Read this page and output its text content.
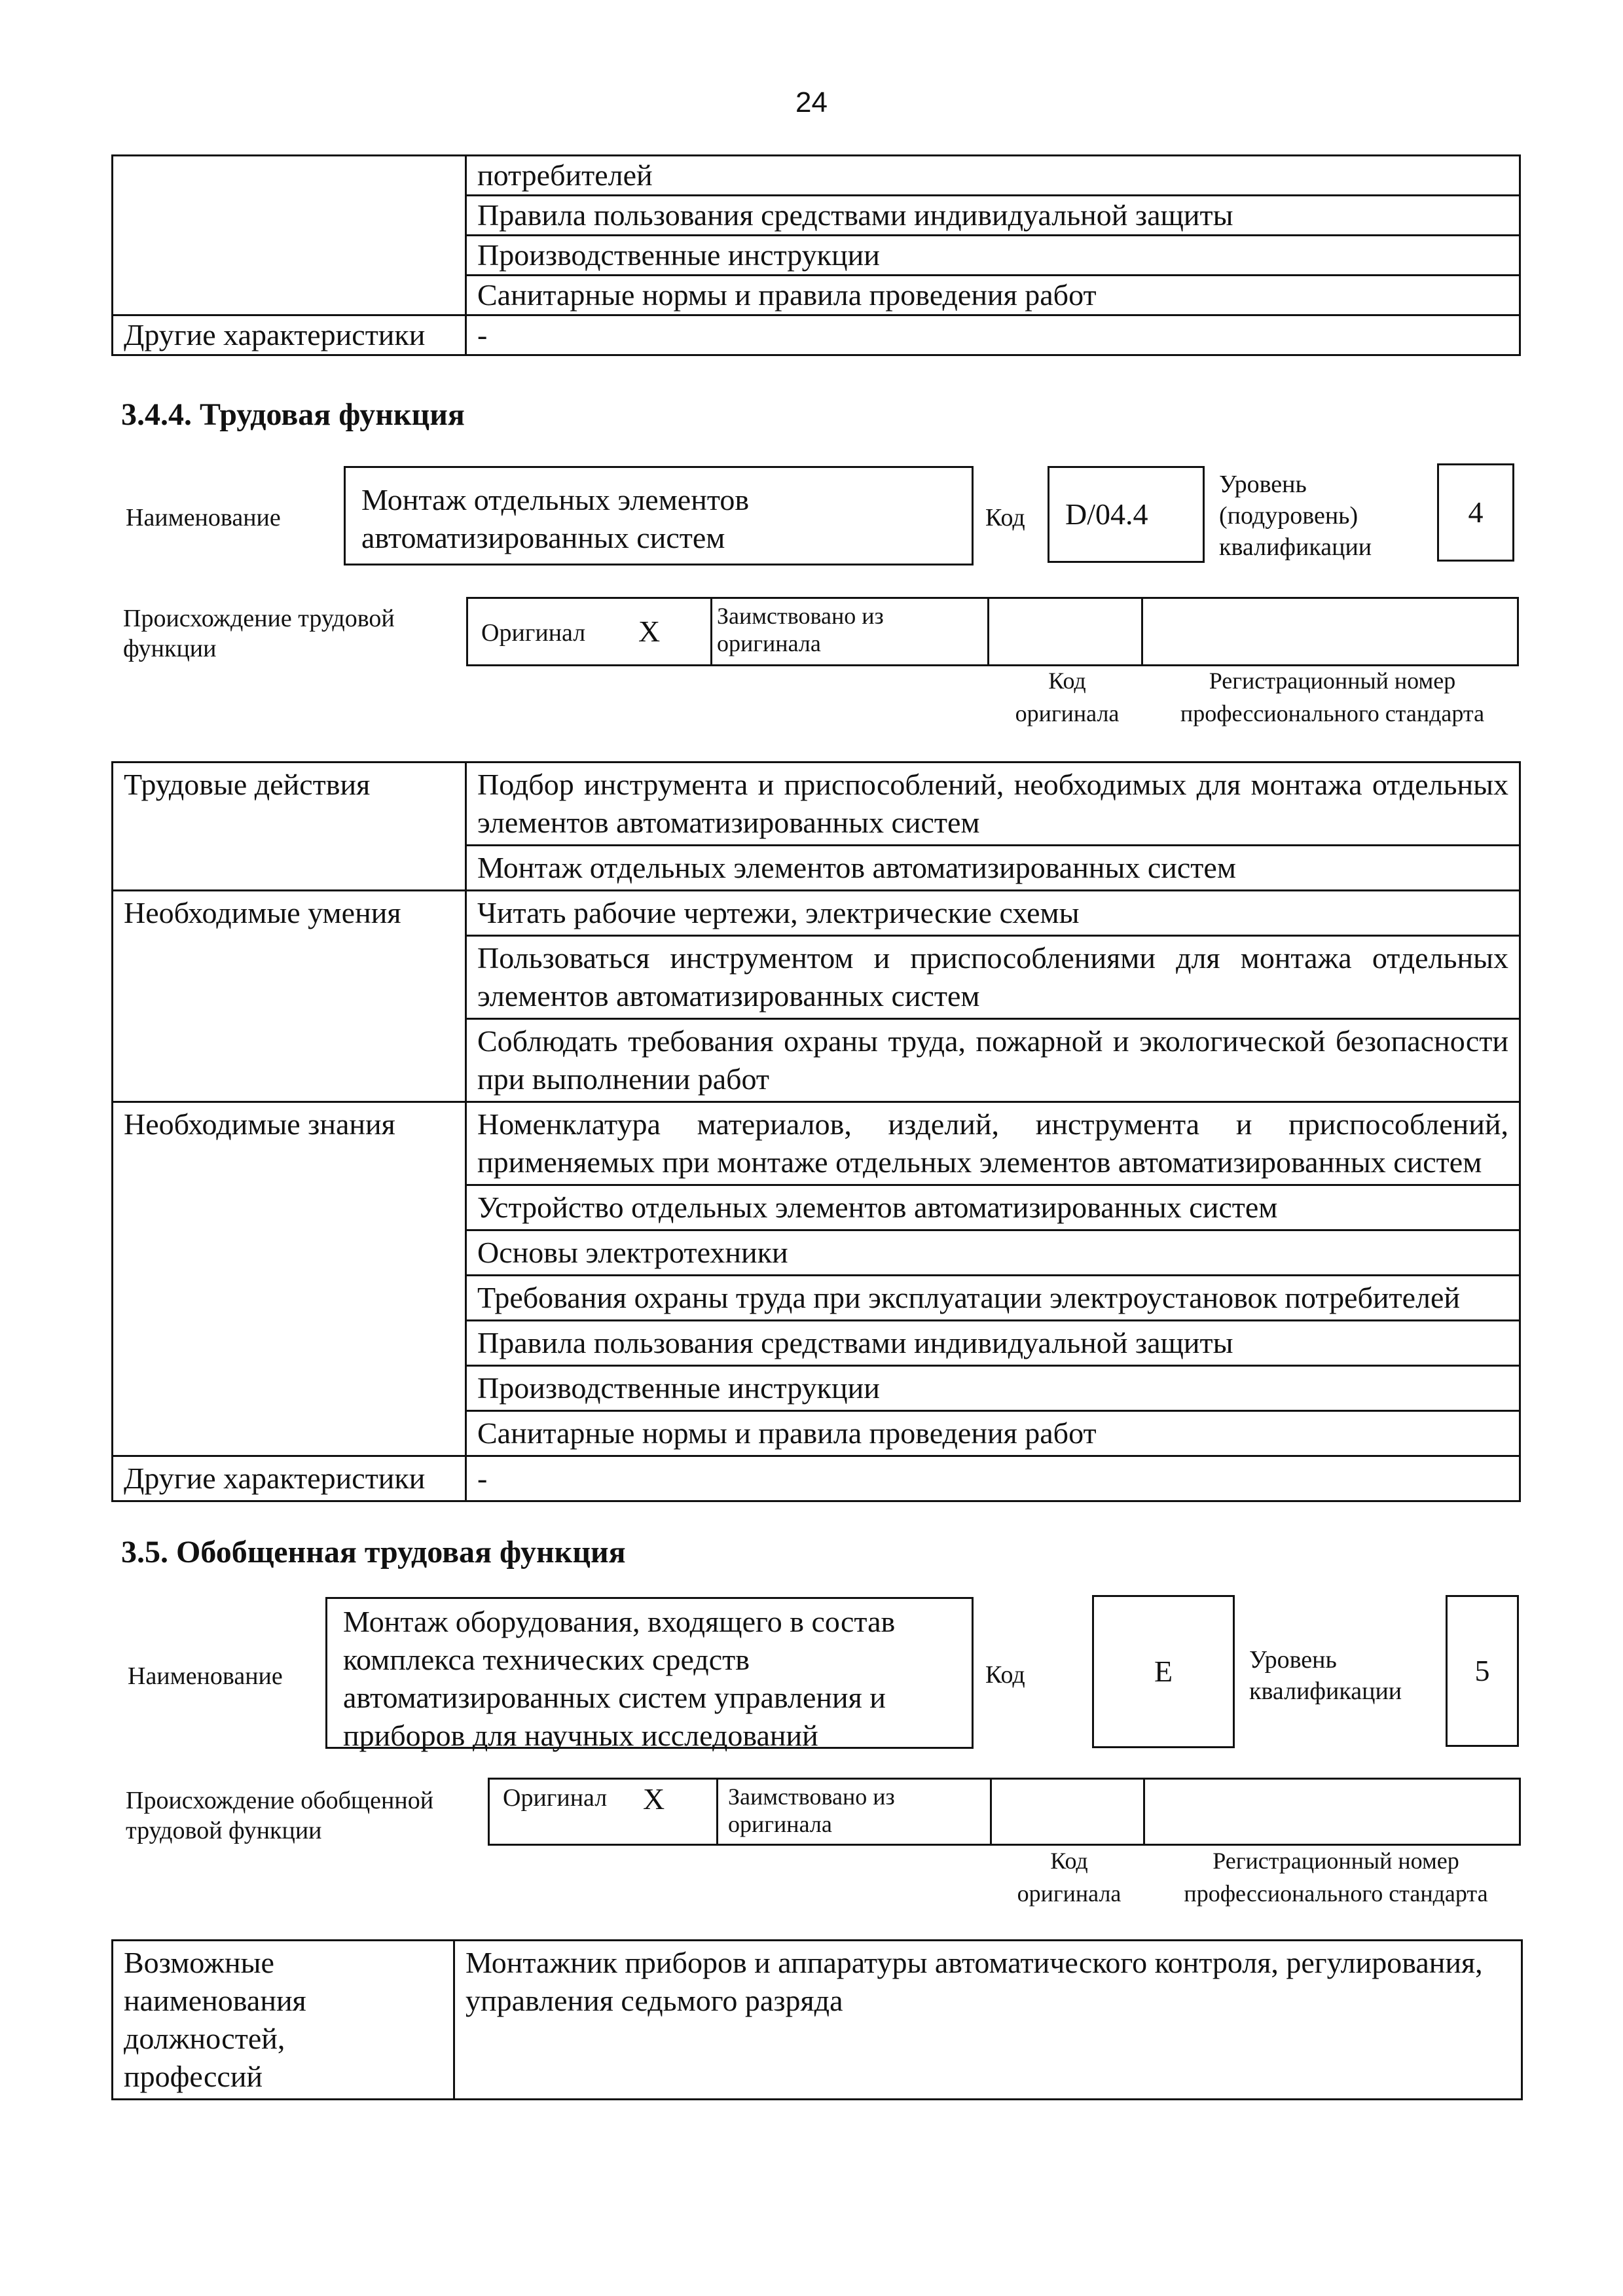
24
	потребителей
	Правила пользования средствами индивидуальной защиты
	Производственные инструкции
	Санитарные нормы и правила проведения работ
Другие характеристики	-
3.4.4. Трудовая функция
Наименование
Монтаж отдельных элементов автоматизированных систем
Код	D/04.4
Уровень (подуровень) квалификации
4
Происхождение трудовой функции
Оригинал X Заимствовано из оригинала
Код оригинала
Регистрационный номер профессионального стандарта
Трудовые действия	Подбор инструмента и приспособлений, необходимых для монтажа отдельных элементов автоматизированных систем
	Монтаж отдельных элементов автоматизированных систем
Необходимые умения	Читать рабочие чертежи, электрические схемы
	Пользоваться инструментом и приспособлениями для монтажа отдельных элементов автоматизированных систем
	Соблюдать требования охраны труда, пожарной и экологической безопасности при выполнении работ
Необходимые знания	Номенклатура материалов, изделий, инструмента и приспособлений, применяемых при монтаже отдельных элементов автоматизированных систем
	Устройство отдельных элементов автоматизированных систем
	Основы электротехники
	Требования охраны труда при эксплуатации электроустановок потребителей
	Правила пользования средствами индивидуальной защиты
	Производственные инструкции
	Санитарные нормы и правила проведения работ
Другие характеристики	-
3.5. Обобщенная трудовая функция
Наименование
Монтаж оборудования, входящего в состав комплекса технических средств автоматизированных систем управления и приборов для научных исследований
Код	E	Уровень квалификации
5
Происхождение обобщенной трудовой функции
Оригинал X	Заимствовано из оригинала
Код оригинала
Регистрационный номер профессионального стандарта
Возможные наименования должностей, профессий	Монтажник приборов и аппаратуры автоматического контроля, регулирования, управления седьмого разряда
